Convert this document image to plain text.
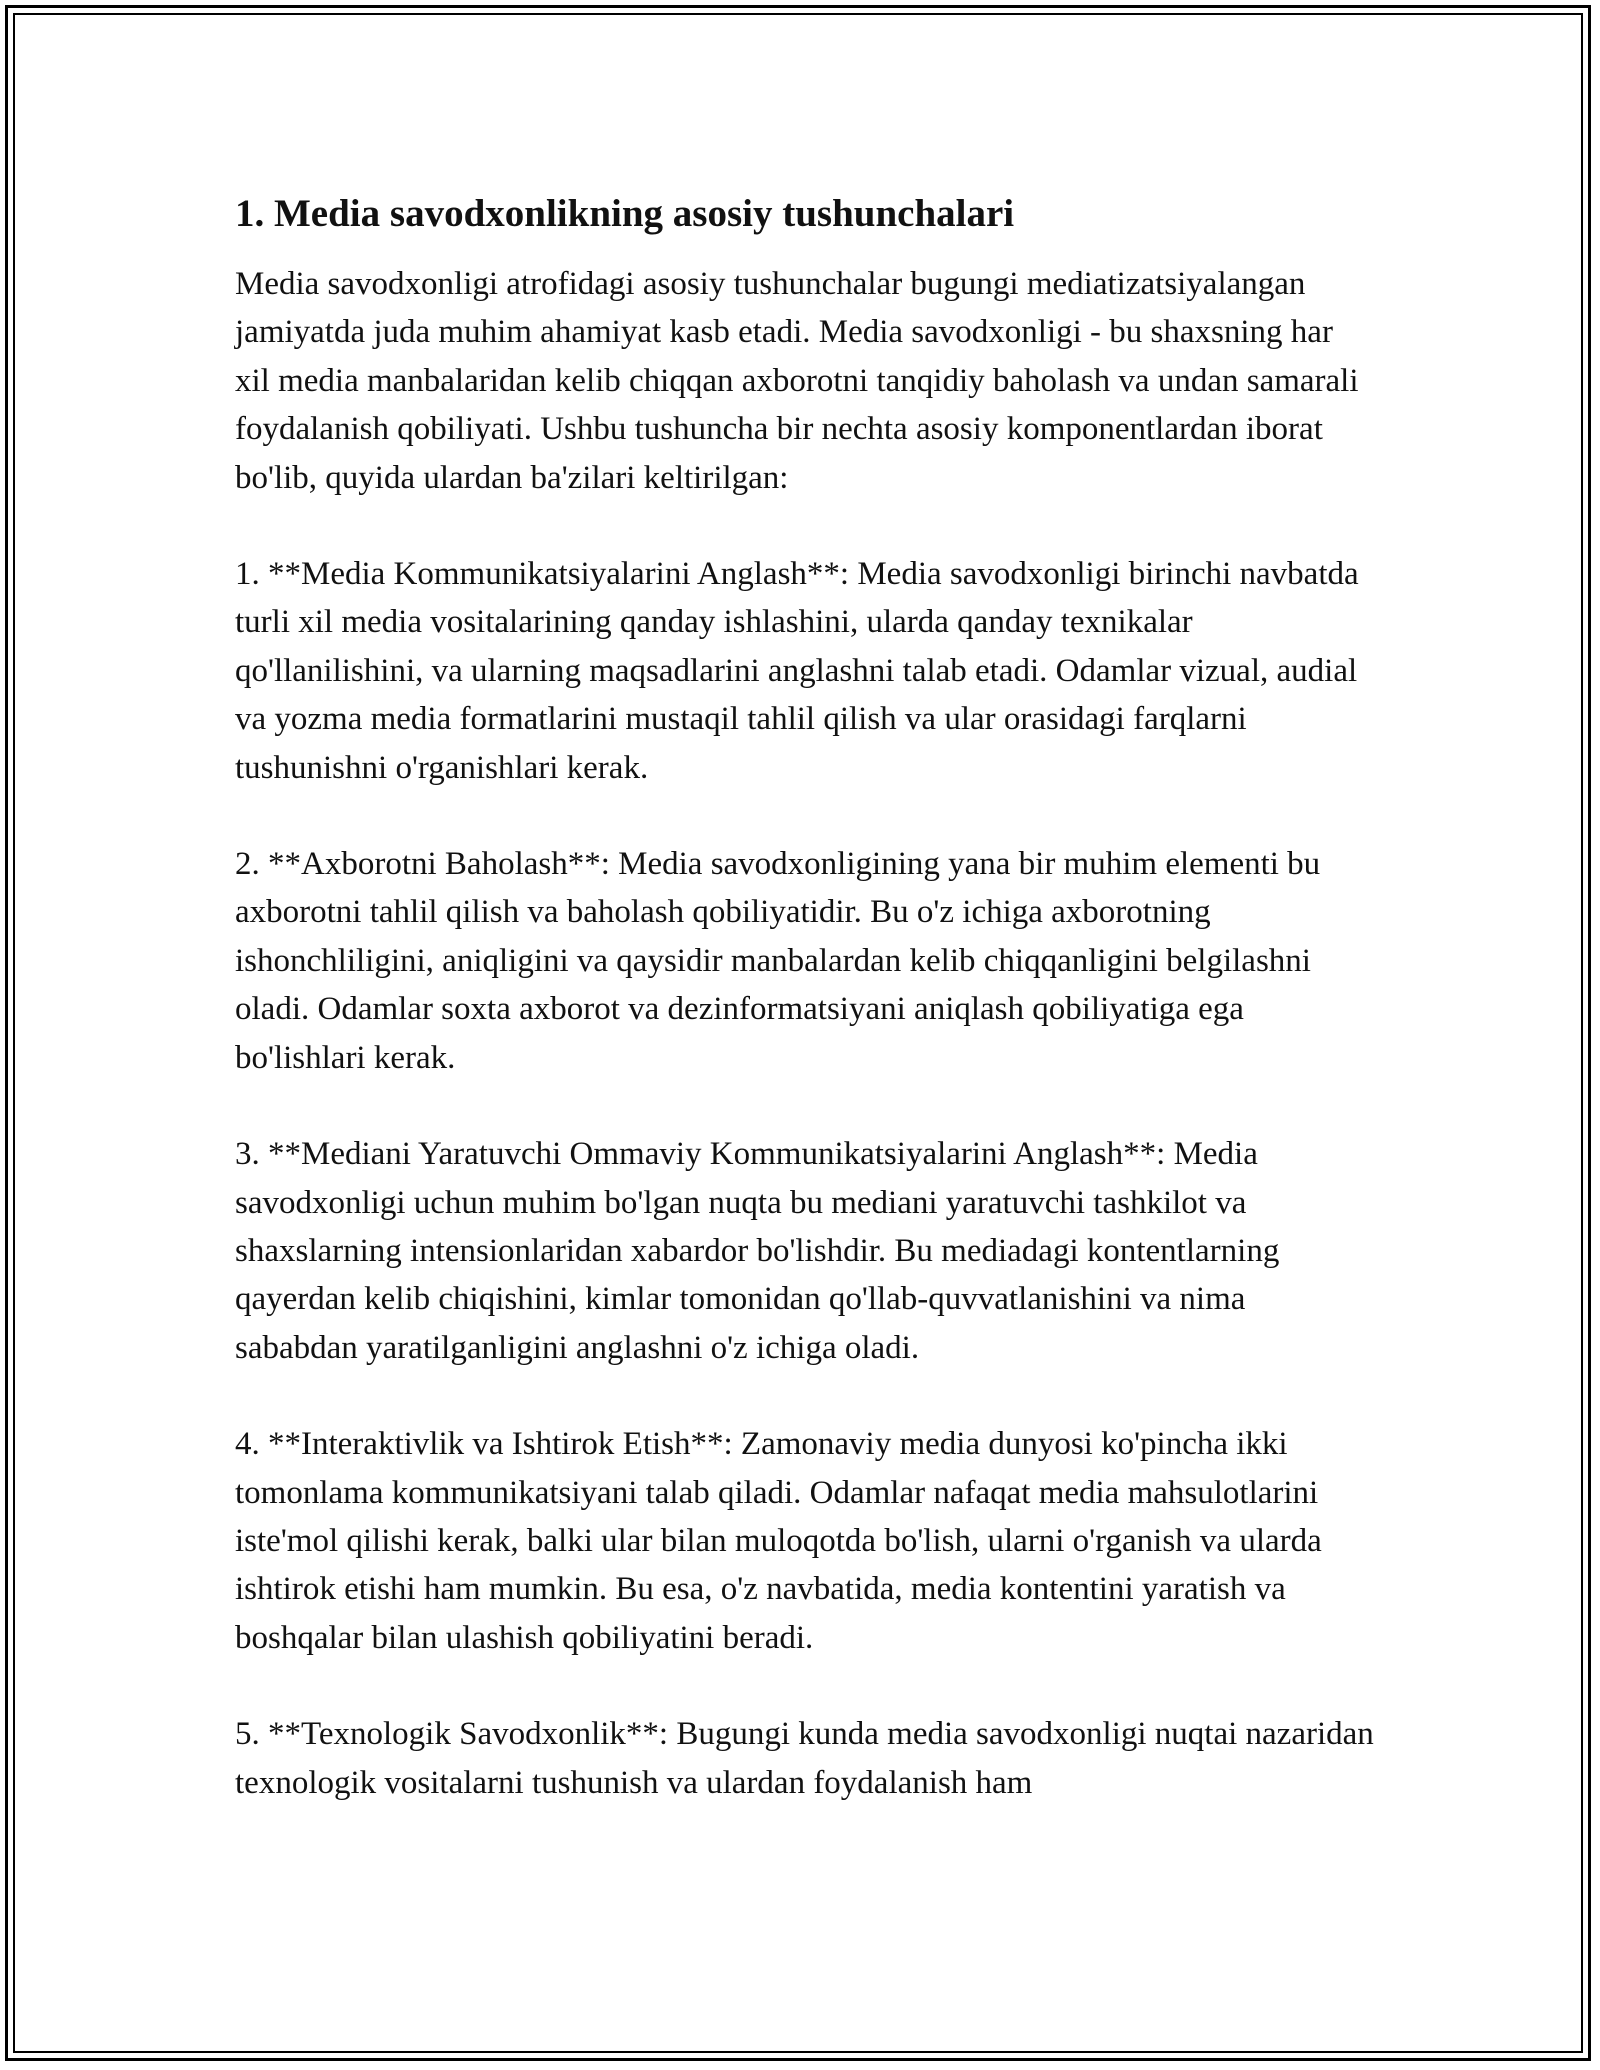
1. Media savodxonlikning asosiy tushunchalari

Media savodxonligi atrofidagi asosiy tushunchalar bugungi mediatizatsiyalangan jamiyatda juda muhim ahamiyat kasb etadi. Media savodxonligi - bu shaxsning har xil media manbalaridan kelib chiqqan axborotni tanqidiy baholash va undan samarali foydalanish qobiliyati. Ushbu tushuncha bir nechta asosiy komponentlardan iborat bo'lib, quyida ulardan ba'zilari keltirilgan:

1. **Media Kommunikatsiyalarini Anglash**: Media savodxonligi birinchi navbatda turli xil media vositalarining qanday ishlashini, ularda qanday texnikalar qo'llanilishini, va ularning maqsadlarini anglashni talab etadi. Odamlar vizual, audial va yozma media formatlarini mustaqil tahlil qilish va ular orasidagi farqlarni tushunishni o'rganishlari kerak.

2. **Axborotni Baholash**: Media savodxonligining yana bir muhim elementi bu axborotni tahlil qilish va baholash qobiliyatidir. Bu o'z ichiga axborotning ishonchliligini, aniqligini va qaysidir manbalardan kelib chiqqanligini belgilashni oladi. Odamlar soxta axborot va dezinformatsiyani aniqlash qobiliyatiga ega bo'lishlari kerak.

3. **Mediani Yaratuvchi Ommaviy Kommunikatsiyalarini Anglash**: Media savodxonligi uchun muhim bo'lgan nuqta bu mediani yaratuvchi tashkilot va shaxslarning intensionlaridan xabardor bo'lishdir. Bu mediadagi kontentlarning qayerdan kelib chiqishini, kimlar tomonidan qo'llab-quvvatlanishini va nima sababdan yaratilganligini anglashni o'z ichiga oladi.

4. **Interaktivlik va Ishtirok Etish**: Zamonaviy media dunyosi ko'pincha ikki tomonlama kommunikatsiyani talab qiladi. Odamlar nafaqat media mahsulotlarini iste'mol qilishi kerak, balki ular bilan muloqotda bo'lish, ularni o'rganish va ularda ishtirok etishi ham mumkin. Bu esa, o'z navbatida, media kontentini yaratish va boshqalar bilan ulashish qobiliyatini beradi.

5. **Texnologik Savodxonlik**: Bugungi kunda media savodxonligi nuqtai nazaridan texnologik vositalarni tushunish va ulardan foydalanish ham
